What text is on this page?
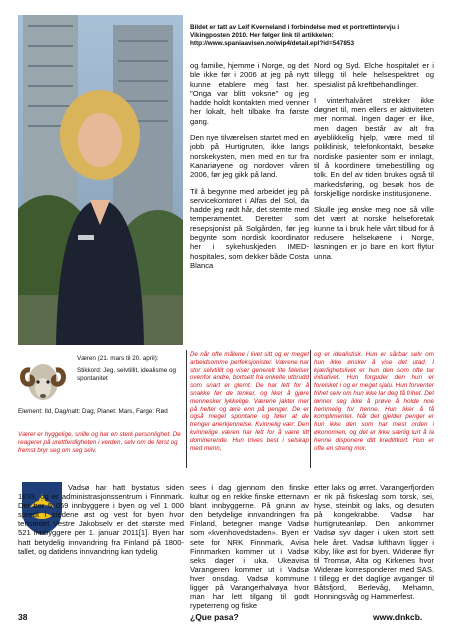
Bildet er tatt av Leif Kverneland i forbindelse med et portrettintervju i Vikingposten 2010. Her følger link til artikkelen: http://www.spaniaavisen.no/wip4/detail.epl?id=547853

og familie, hjemme i Norge, og det ble ikke før i 2006 at jeg på nytt kunne etablere meg fast her. "Onga var blitt voksne" og jeg hadde holdt kontakten med venner her lokalt, helt tilbake fra første gang.

Den nye tilværelsen startet med en jobb på Hurtigruten, ikke langs norskekysten, men med en tur fra Kanariøyene og nordover våren 2006, før jeg gikk på land.

Til å begynne med arbeidet jeg på servicekontoret i Alfas del Sol, da hadde jeg rødt hår, det stemte med temperamentet. Deretter som resepsjonist på Solgården, før jeg begynte som nordisk koordinator her i sykehuskjeden IMED-hospitales, som dekker både Costa Blanca

Nord og Syd. Elche hospitalet er i tillegg til hele helsespektret og spesialist på kreftbehandlinger.

I vinterhalvåret strekker ikke døgnet til, men ellers er aktiviteten mer normal. Ingen dager er like, men dagen består av alt fra øyeblikkelig hjelp, være med til poliklinisk, telefonkontakt, besøke nordiske pasienter som er innlagt, til å koordinere timebestilling og tolk. En del av tiden brukes også til markedsføring, og besøk hos de forskjellige nordiske institusjonene.

Skulle jeg ønske meg noe så ville det vært at norske helseforetak kunne ta i bruk hele vårt tilbud for å redusere helsekøene i Norge, løsningen er jo bare en kort flytur unna.

Væren (21. mars til 20. april):
Stikkord: Jeg, selvtillit, idealisme og spontanitet
Element: Ild, Dag/natt: Dag, Planet: Mars, Farge: Rød
Værer er hyggelige, snille og har en sterk personlighet. De reagerer på urettferdigheten i verden, selv om de først og fremst bryr seg om seg selv.

De når ofte målene i livet sitt og er meget arbeidsomme perfeksjonister. Værene har stor selvtillit og viser generelt lite følelser ovenfor andre, bortsett fra enkelte utbrudd som snart er glemt. De har lett for å snakke før de tenker, og liker å gjøre mennesker lykkelige. Værene jakter mer på helter og ære enn på penger. De er også meget spontane og føler at de trenger anerkjennelse. Kvinnelig vær: Den kvinnelige væren har lett for å være litt dominerende. Hun trives best i selskap med menn,

og er idealistisk. Hun er sårbar selv om hun ikke ønsker å vise det utad. I kjærlighetslivet er hun den som ofte tar initiativet. Hun forguder den hun er forelsket i og er meget sjalu. Hun forventer frihet selv om hun ikke lar deg få frihet. Det lønner seg ikke å prøve å holde noe hemmelig for henne. Hun liker å få komplimenter. Når det gjelder penger er hun ikke den som har mest orden i økonomien, og det er ikke særlig lurt å la henne disponere ditt kredittkort. Hun er ofte en streng mor.

Vadsø har hatt bystatus siden 1833, og er administrasjonssentrum i Finnmark. Det bor 5 059 innbyggere i byen og vel 1 000 spredt i stedene øst og vest for byen hvor tettstedet Vestre Jakobselv er det største med 521 innbyggere per 1. januar 2011[1]. Byen har hatt betydelig innvandring fra Finland på 1800-tallet, og datidens innvandring kan tydelig

sees i dag gjennom den finske kultur og en rekke finske etternavn blant innbyggerne. På grunn av den betydelige innvandringen fra Finland, betegner mange Vadsø som «kvenhovedstaden». Byen er sete for NRK Finnmark, Avisa Finnmarken kommer ut i Vadsø seks dager i uka. Ukeavisa Varangeren kommer ut i Vadsø hver onsdag. Vadsø kommune ligger på Varangerhalvøya hvor man har lett tilgang til godt rypeterreng og fiske

etter laks og ørret. Varangerfjorden er rik på fiskeslag som torsk, sei, hyse, steinbit og laks, og desuten på kongekrabbe. Vadsø har hurtigruteanløp. Den ankommer Vadsø syv dager i uken stort sett hele året. Vadsø lufthavn ligger i Kiby, like øst for byen. Widerøe flyr til Tromsø, Alta og Kirkenes hvor Widerøe korresponderer med SAS. I tillegg er det daglige avganger til Båtsfjord, Berlevåg, Mehamn, Honningsvåg og Hammerfest.

38	¿Que pasa?	www.dnkcb.
